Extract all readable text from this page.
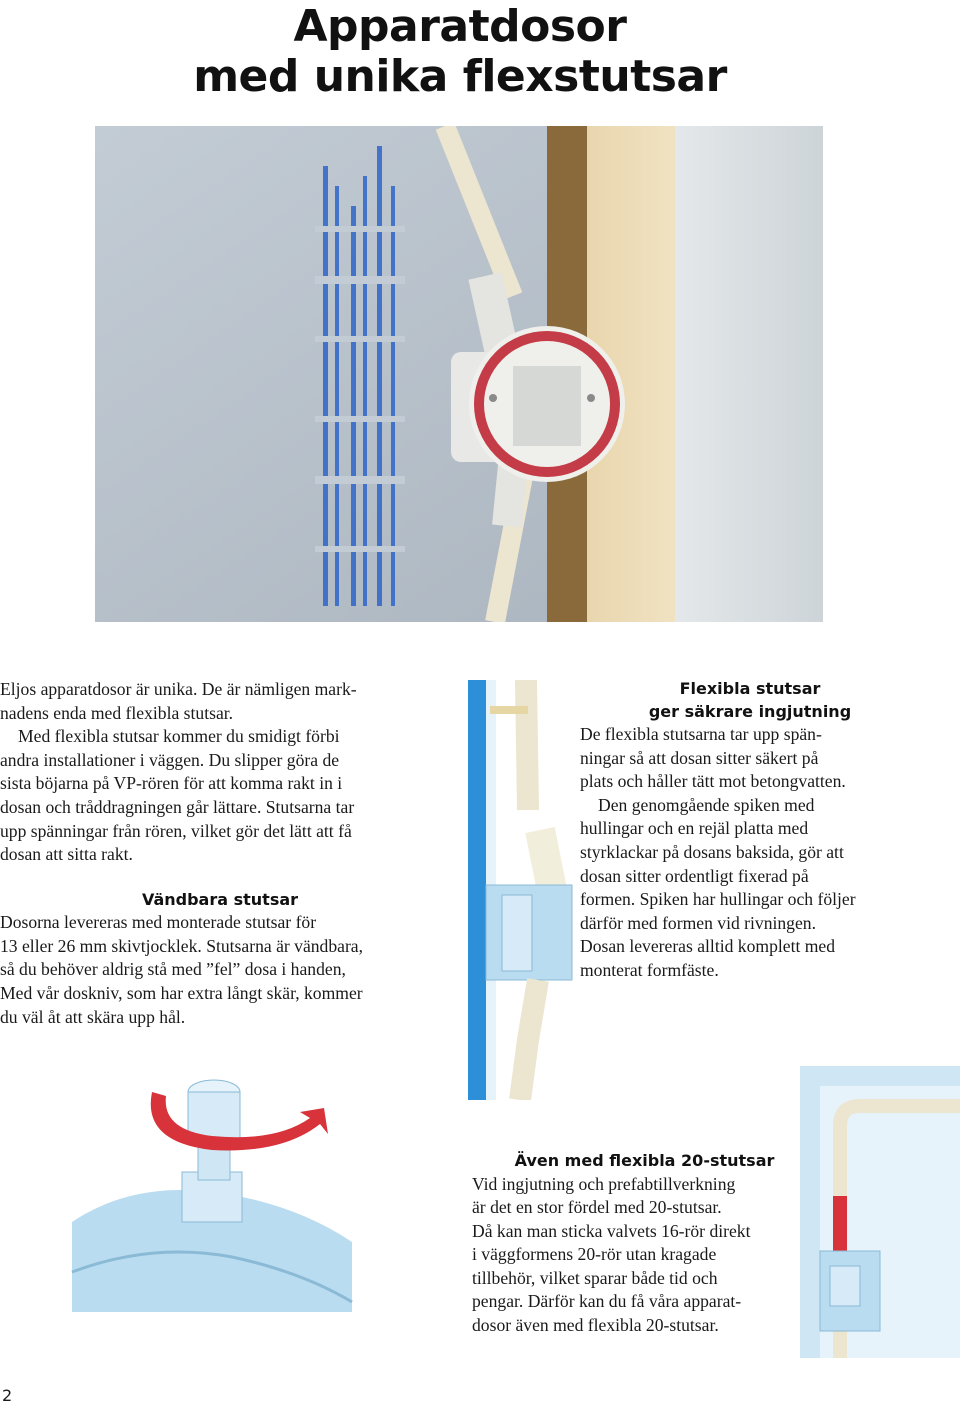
Apparatdosor
med unika flexstutsar

Eljos apparatdosor är unika. De är nämligen mark-

nadens enda med flexibla stutsar.

Med flexibla stutsar kommer du smidigt förbi

andra installationer i väggen. Du slipper göra de

sista böjarna på VP-rören för att komma rakt in i

dosan och tråddragningen går lättare. Stutsarna tar

upp spänningar från rören, vilket gör det lätt att få

dosan att sitta rakt.

Vändbara stutsar

Dosorna levereras med monterade stutsar för

13 eller 26 mm skivtjocklek. Stutsarna är vändbara,

så du behöver aldrig stå med ”fel” dosa i handen,

Med vår doskniv, som har extra långt skär, kommer

du väl åt att skära upp hål.

Flexibla stutsar

ger säkrare ingjutning

De flexibla stutsarna tar upp spän-

ningar så att dosan sitter säkert på

plats och håller tätt mot betongvatten.

Den genomgående spiken med

hullingar och en rejäl platta med

styrklackar på dosans baksida, gör att

dosan sitter ordentligt fixerad på

formen. Spiken har hullingar och följer

därför med formen vid rivningen.

Dosan levereras alltid komplett med

monterat formfäste.

Även med flexibla 20-stutsar

Vid ingjutning och prefabtillverkning

är det en stor fördel med 20-stutsar.

Då kan man sticka valvets 16-rör direkt

i väggformens 20-rör utan kragade

tillbehör, vilket sparar både tid och

pengar. Därför kan du få våra apparat-

dosor även med flexibla 20-stutsar.

2
